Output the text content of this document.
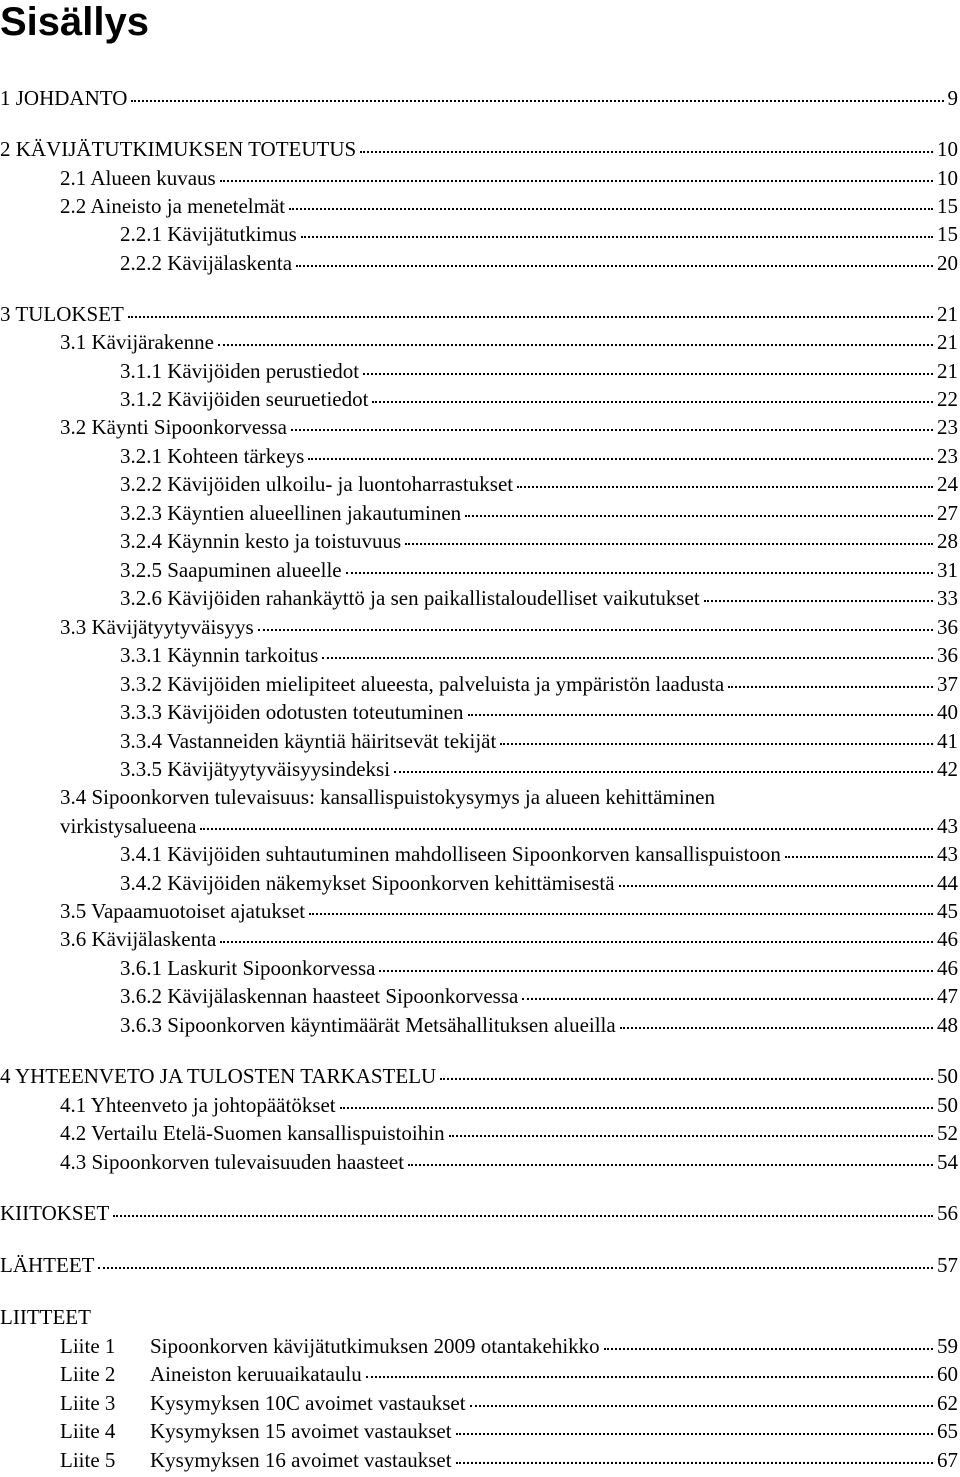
Sisällys
1 JOHDANTO	9
2 KÄVIJÄTUTKIMUKSEN TOTEUTUS	10
2.1 Alueen kuvaus	10
2.2 Aineisto ja menetelmät	15
2.2.1 Kävijätutkimus	15
2.2.2 Kävijälaskenta	20
3 TULOKSET	21
3.1 Kävijärakenne	21
3.1.1 Kävijöiden perustiedot	21
3.1.2 Kävijöiden seuruetiedot	22
3.2 Käynti Sipoonkorvessa	23
3.2.1 Kohteen tärkeys	23
3.2.2 Kävijöiden ulkoilu- ja luontoharrastukset	24
3.2.3 Käyntien alueellinen jakautuminen	27
3.2.4 Käynnin kesto ja toistuvuus	28
3.2.5 Saapuminen alueelle	31
3.2.6 Kävijöiden rahankäyttö ja sen paikallistaloudelliset vaikutukset	33
3.3 Kävijätyytyväisyys	36
3.3.1 Käynnin tarkoitus	36
3.3.2 Kävijöiden mielipiteet alueesta, palveluista ja ympäristön laadusta	37
3.3.3 Kävijöiden odotusten toteutuminen	40
3.3.4 Vastanneiden käyntiä häiritsevät tekijät	41
3.3.5 Kävijätyytyväisyysindeksi	42
3.4 Sipoonkorven tulevaisuus: kansallispuistokysymys ja alueen kehittäminen
virkistysalueena	43
3.4.1 Kävijöiden suhtautuminen mahdolliseen Sipoonkorven kansallispuistoon	43
3.4.2 Kävijöiden näkemykset Sipoonkorven kehittämisestä	44
3.5 Vapaamuotoiset ajatukset	45
3.6 Kävijälaskenta	46
3.6.1 Laskurit Sipoonkorvessa	46
3.6.2 Kävijälaskennan haasteet Sipoonkorvessa	47
3.6.3 Sipoonkorven käyntimäärät Metsähallituksen alueilla	48
4 YHTEENVETO JA TULOSTEN TARKASTELU	50
4.1 Yhteenveto ja johtopäätökset	50
4.2 Vertailu Etelä-Suomen kansallispuistoihin	52
4.3 Sipoonkorven tulevaisuuden haasteet	54
KIITOKSET	56
LÄHTEET	57
LIITTEET
Liite 1	Sipoonkorven kävijätutkimuksen 2009 otantakehikko	59
Liite 2	Aineiston keruuaikataulu	60
Liite 3	Kysymyksen 10C avoimet vastaukset	62
Liite 4	Kysymyksen 15 avoimet vastaukset	65
Liite 5	Kysymyksen 16 avoimet vastaukset	67
